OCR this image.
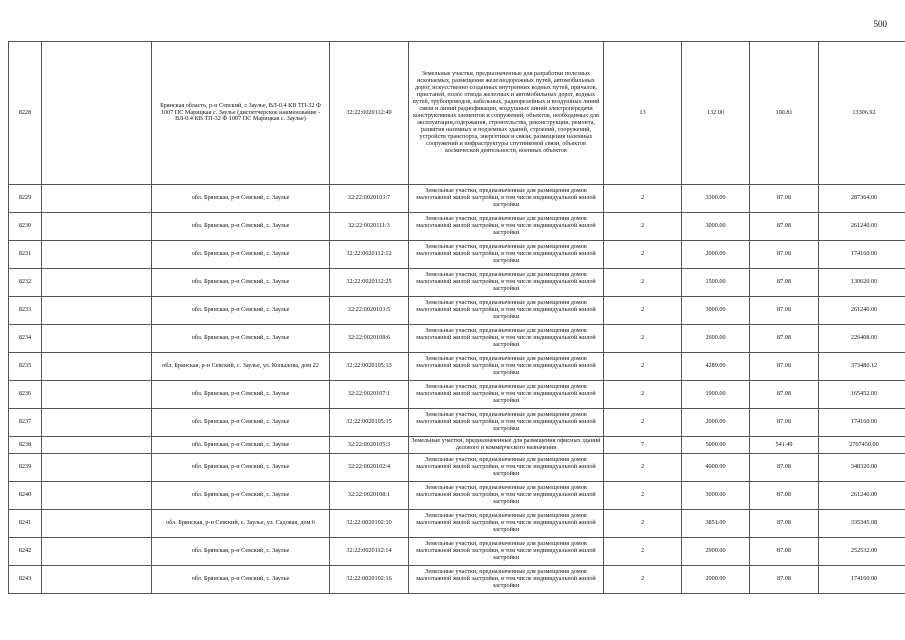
500
8228		Брянская область, р-н Севский, с Заулье, ВЛ-0.4 КВ ТП-32 Ф 1007 ПС Марицкая с. Заулье (диспетчерское наименование - ВЛ-0.4 КВ ТП-32 Ф 1007 ПС Марицкая с. Заулье)	32:22:0020112:49	Земельные участки, предназначенные для разработки полезных ископаемых, размещения железнодорожных путей, автомобильных дорог, искусственно созданных внутренних водных путей, причалов, пристаней, полос отвода железных и автомобильных дорог, водных путей, трубопроводов, кабельных, радиорелейных и воздушных линий связи и линий радиофикации, воздушных линий электропередачи конструктивных элементов и сооружений, объектов, необходимых для эксплуатации,содержания, строительства, реконструкции, ремонта, развития наземных и подземных зданий, строений, сооружений, устройств транспорта, энергетики и связи; размещения наземных сооружений и инфраструктуры спутниковой связи, объектов космической деятельности, военных объектов	13	132.00	100.81	13306.92
8229		обл. Брянская, р-н Севский, с. Заулье	32:22:0020103:7	Земельные участки, предназначенные для размещения домов малоэтажной жилой застройки, в том числе индивидуальной жилой застройки	2	3300.00	87.08	287364.00
8230		обл. Брянская, р-н Севский, с. Заулье	32:22:0020111:3	Земельные участки, предназначенные для размещения домов малоэтажной жилой застройки, в том числе индивидуальной жилой застройки	2	3000.00	87.08	261240.00
8231		обл. Брянская, р-н Севский, с. Заулье	32:22:0020112:12	Земельные участки, предназначенные для размещения домов малоэтажной жилой застройки, в том числе индивидуальной жилой застройки	2	2000.00	87.08	174160.00
8232		обл. Брянская, р-н Севский, с. Заулье	32:22:0020112:25	Земельные участки, предназначенные для размещения домов малоэтажной жилой застройки, в том числе индивидуальной жилой застройки	2	1500.00	87.08	130620.00
8233		обл. Брянская, р-н Севский, с. Заулье	32:22:0020103:5	Земельные участки, предназначенные для размещения домов малоэтажной жилой застройки, в том числе индивидуальной жилой застройки	2	3000.00	87.08	261240.00
8234		обл. Брянская, р-н Севский, с. Заулье	32:22:0020108:6	Земельные участки, предназначенные для размещения домов малоэтажной жилой застройки, в том числе индивидуальной жилой застройки	2	2600.00	87.08	226408.00
8235		обл. Брянская, р-н Севский, с. Заулье, ул. Копылова, дом 22	32:22:0020105:13	Земельные участки, предназначенные для размещения домов малоэтажной жилой застройки, в том числе индивидуальной жилой застройки	2	4289.00	87.08	373486.12
8236		обл. Брянская, р-н Севский, с. Заулье	32:22:0020107:1	Земельные участки, предназначенные для размещения домов малоэтажной жилой застройки, в том числе индивидуальной жилой застройки	2	1900.00	87.08	165452.00
8237		обл. Брянская, р-н Севский, с. Заулье	32:22:0020105:15	Земельные участки, предназначенные для размещения домов малоэтажной жилой застройки, в том числе индивидуальной жилой застройки	2	2000.00	87.08	174160.00
8238		обл. Брянская, р-н Севский, с. Заулье	32:22:0020105:3	Земельные участки, предназначенные для размещения офисных зданий делового и коммерческого назначения	7	5000.00	541.49	2707450.00
8239		обл. Брянская, р-н Севский, с. Заулье	32:22:0020102:4	Земельные участки, предназначенные для размещения домов малоэтажной жилой застройки, в том числе индивидуальной жилой застройки	2	4000.00	87.08	348320.00
8240		обл. Брянская, р-н Севский, с. Заулье	32:22:0020108:1	Земельные участки, предназначенные для размещения домов малоэтажной жилой застройки, в том числе индивидуальной жилой застройки	2	3000.00	87.08	261240.00
8241		обл. Брянская, р-н Севский, с. Заулье, ул. Садовая, дом 6	32:22:0020102:10	Земельные участки, предназначенные для размещения домов малоэтажной жилой застройки, в том числе индивидуальной жилой застройки	2	3851.00	87.08	335345.08
8242		обл. Брянская, р-н Севский, с. Заулье	32:22:0020112:14	Земельные участки, предназначенные для размещения домов малоэтажной жилой застройки, в том числе индивидуальной жилой застройки	2	2900.00	87.08	252532.00
8243		обл. Брянская, р-н Севский, с. Заулье	32:22:0020102:16	Земельные участки, предназначенные для размещения домов малоэтажной жилой застройки, в том числе индивидуальной жилой застройки	2	2000.00	87.08	174160.00
